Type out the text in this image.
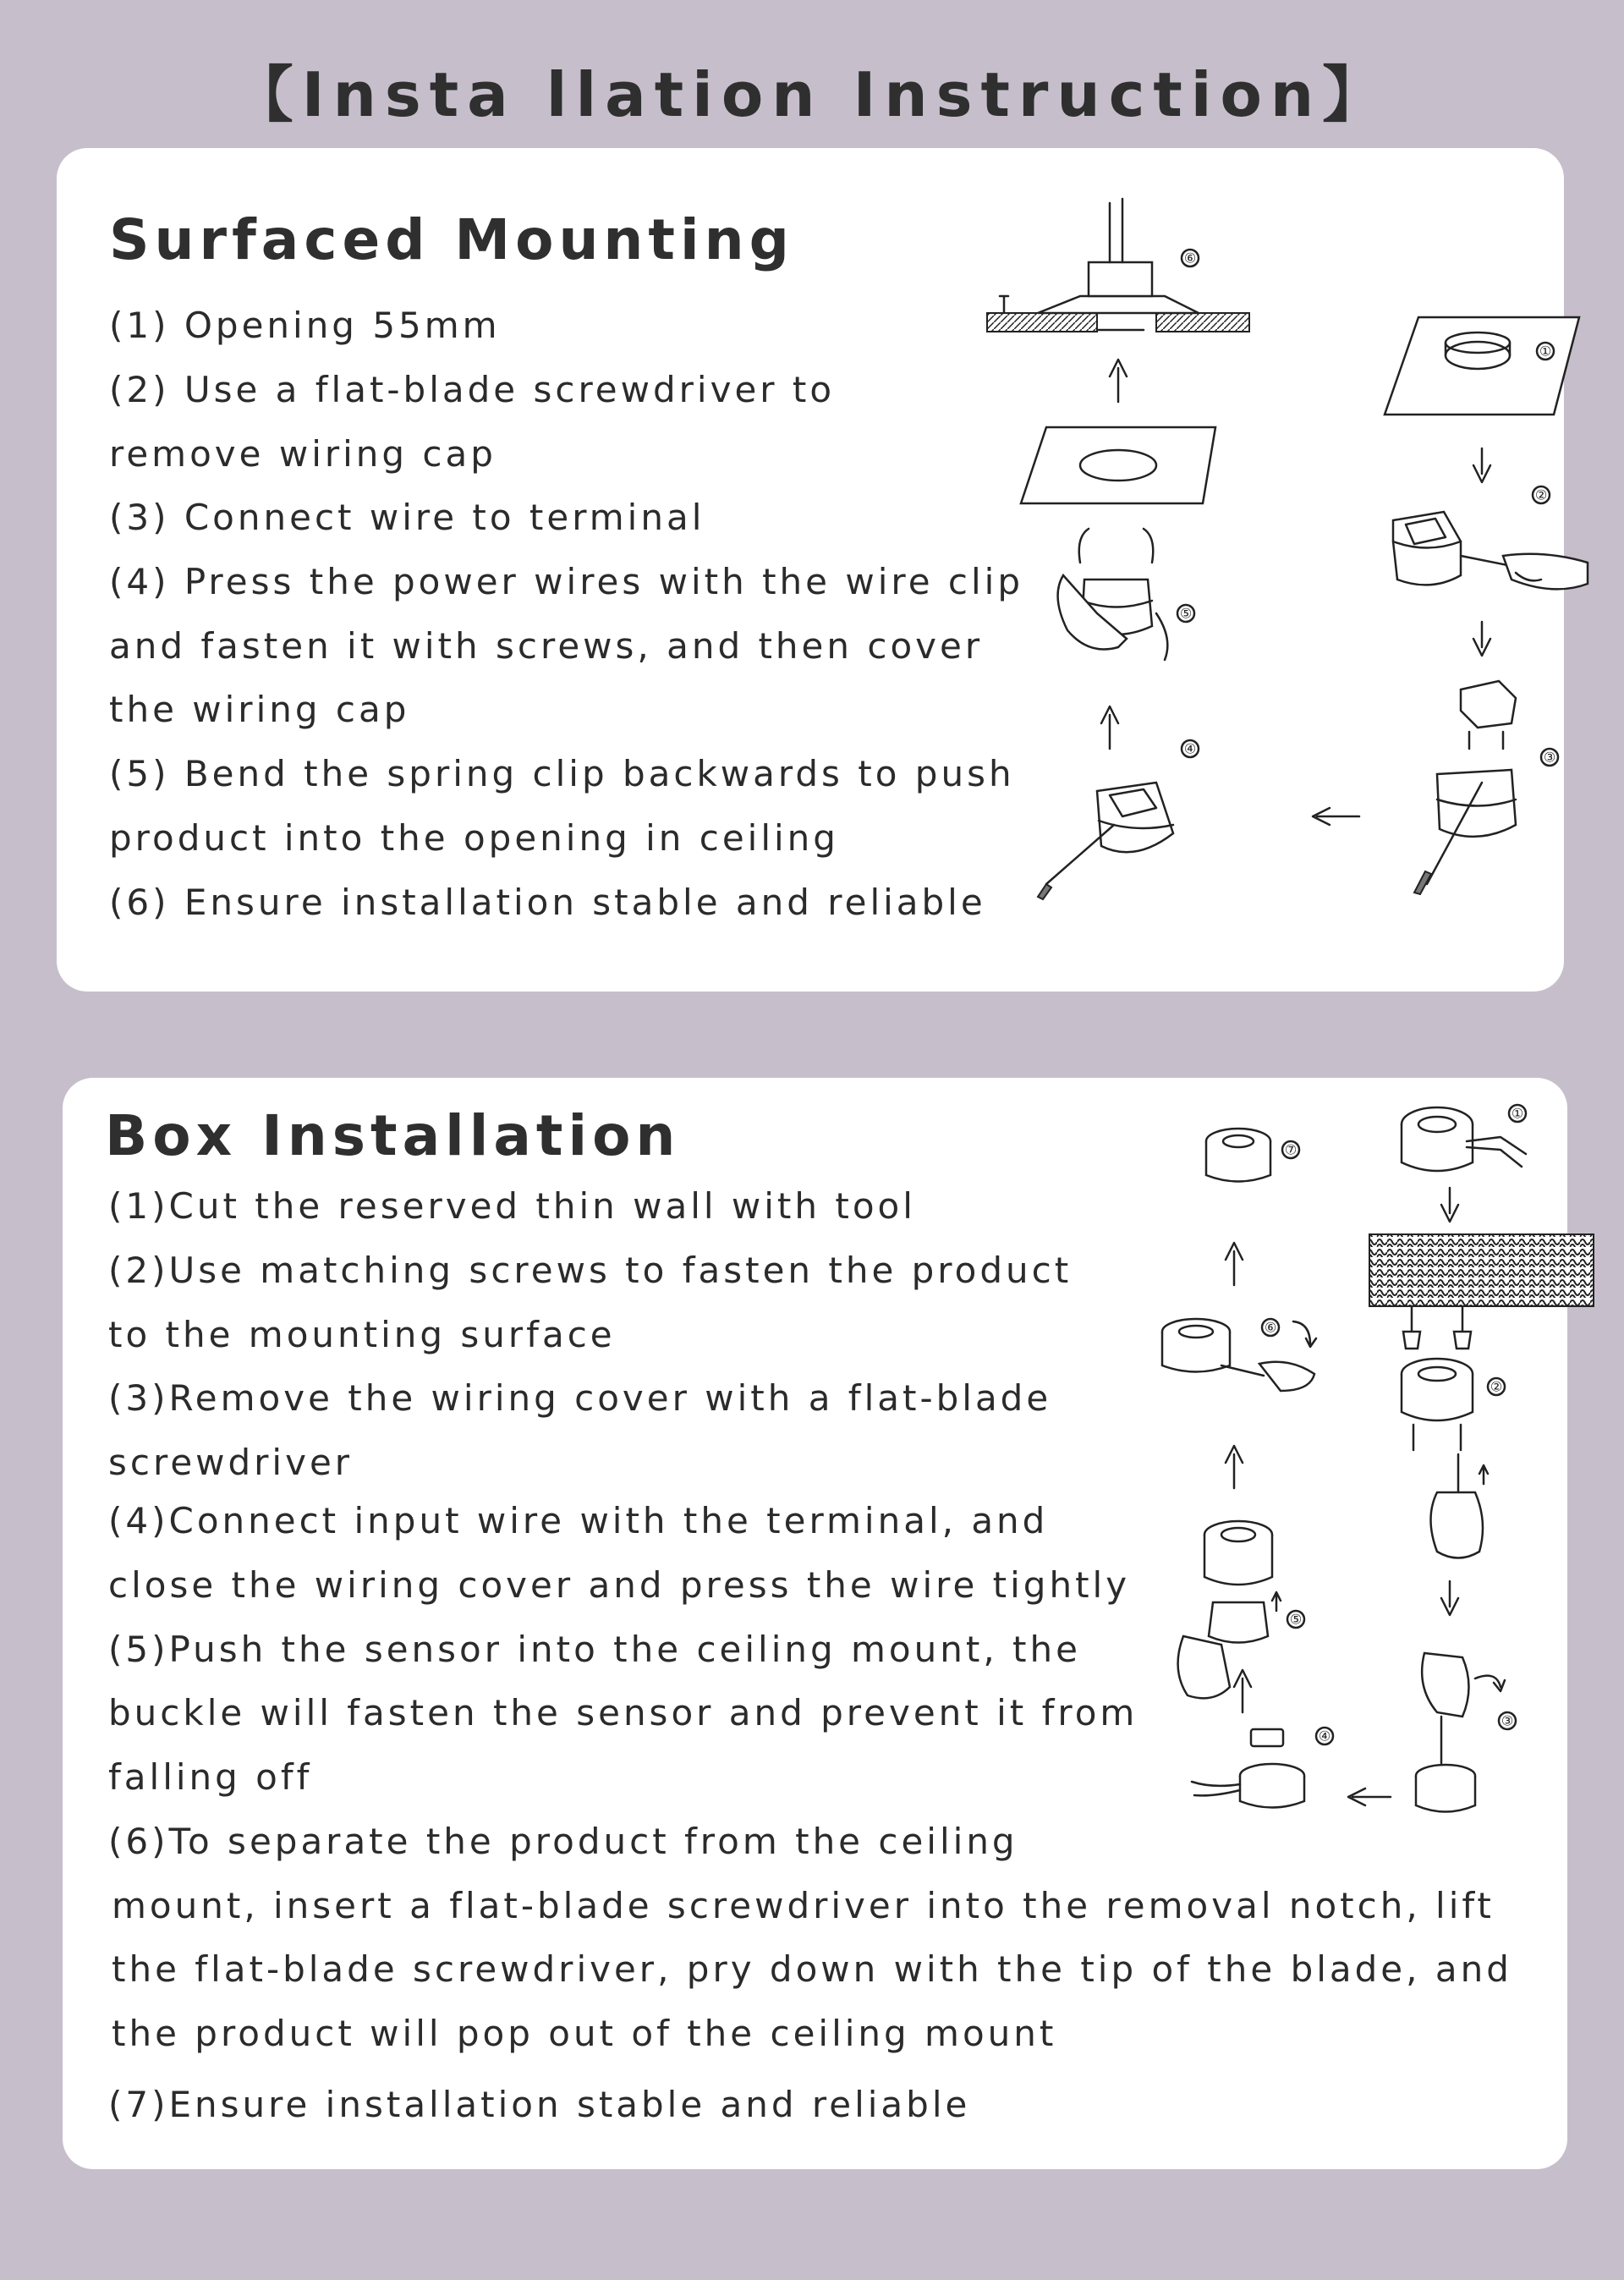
【Insta llation Instruction】
Surfaced Mounting
(1) Opening 55mm
(2) Use a flat-blade screwdriver to
remove wiring cap
(3) Connect wire to terminal
(4) Press the power wires with the wire clip
and fasten it with screws, and then cover
the wiring cap
(5) Bend the spring clip backwards to push
product into the opening in ceiling
(6) Ensure installation stable and reliable
①
②
③
④
⑤
⑥
Box Installation
(1)Cut the reserved thin wall with tool
(2)Use matching screws to fasten the product
to the mounting surface
(3)Remove the wiring cover with a flat-blade
screwdriver
(4)Connect input wire with the terminal, and
close the wiring cover and press the wire tightly
(5)Push the sensor into the ceiling mount, the
buckle will fasten the sensor and prevent it from
falling off
(6)To separate the product from the ceiling
mount, insert a flat-blade screwdriver into the removal notch, lift
the flat-blade screwdriver, pry down with the tip of the blade, and
the product will pop out of the ceiling mount
(7)Ensure installation stable and reliable
①
②
③
④
⑤
⑥
⑦
